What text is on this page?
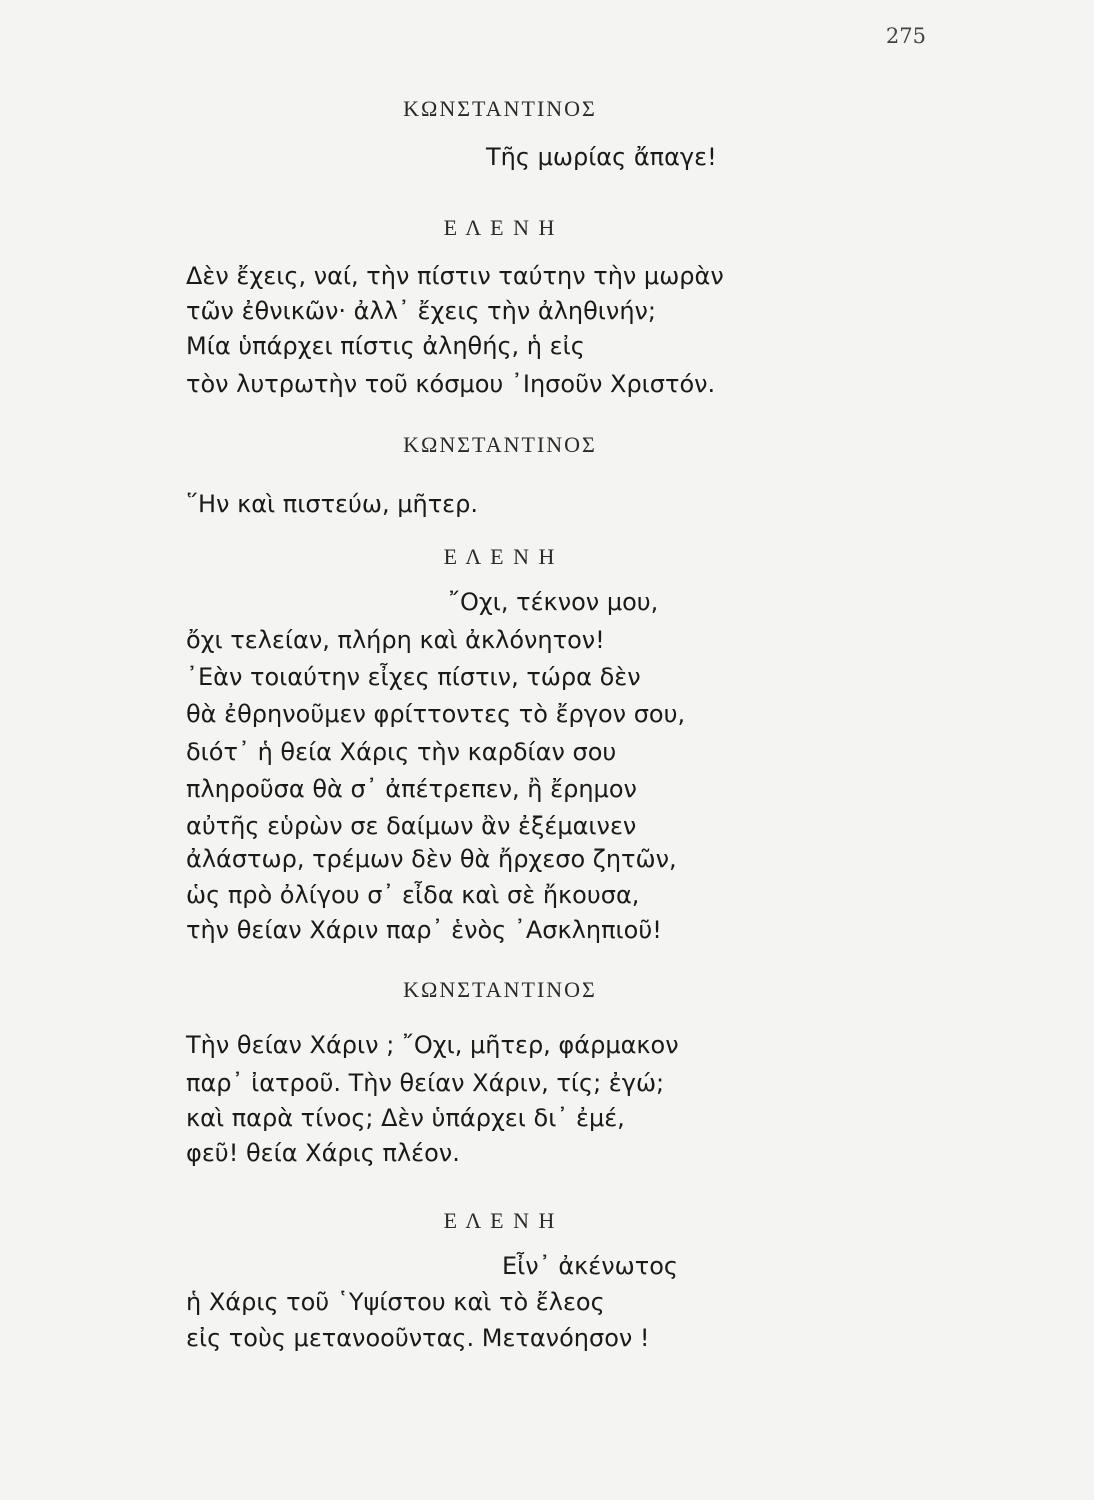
275
ΚΩΝΣΤΑΝΤΙΝΟΣ
Τῆς μωρίας ἄπαγε!
Ε Λ Ε Ν Η
Δὲν ἔχεις, ναί, τὴν πίστιν ταύτην τὴν μωρὰν
τῶν ἐθνικῶν· ἀλλ᾽ ἔχεις τὴν ἀληθινήν;
Μία ὑπάρχει πίστις ἀληθής, ἡ εἰς
τὸν λυτρωτὴν τοῦ κόσμου ᾿Ιησοῦν Χριστόν.
ΚΩΝΣΤΑΝΤΙΝΟΣ
῞Ην καὶ πιστεύω, μῆτερ.
Ε Λ Ε Ν Η
῎Οχι, τέκνον μου,
ὄχι τελείαν, πλήρη καὶ ἀκλόνητον!
᾿Εὰν τοιαύτην εἶχες πίστιν, τώρα δὲν
θὰ ἐθρηνοῦμεν φρίττοντες τὸ ἔργον σου,
διότ᾽ ἡ θεία Χάρις τὴν καρδίαν σου
πληροῦσα θὰ σ᾽ ἀπέτρεπεν, ἢ ἔρημον
αὐτῆς εὑρὼν σε δαίμων ἂν ἐξέμαινεν
ἀλάστωρ, τρέμων δὲν θὰ ἤρχεσο ζητῶν,
ὡς πρὸ ὀλίγου σ᾽ εἶδα καὶ σὲ ἤκουσα,
τὴν θείαν Χάριν παρ᾽ ἑνὸς ᾿Ασκληπιοῦ!
ΚΩΝΣΤΑΝΤΙΝΟΣ
Τὴν θείαν Χάριν ; ῎Οχι, μῆτερ, φάρμακον
παρ᾽ ἰατροῦ. Τὴν θείαν Χάριν, τίς; ἐγώ;
καὶ παρὰ τίνος; Δὲν ὑπάρχει δι᾽ ἐμέ,
φεῦ! θεία Χάρις πλέον.
Ε Λ Ε Ν Η
Εἶν᾽ ἀκένωτος
ἡ Χάρις τοῦ ῾Υψίστου καὶ τὸ ἔλεος
εἰς τοὺς μετανοοῦντας. Μετανόησον !
